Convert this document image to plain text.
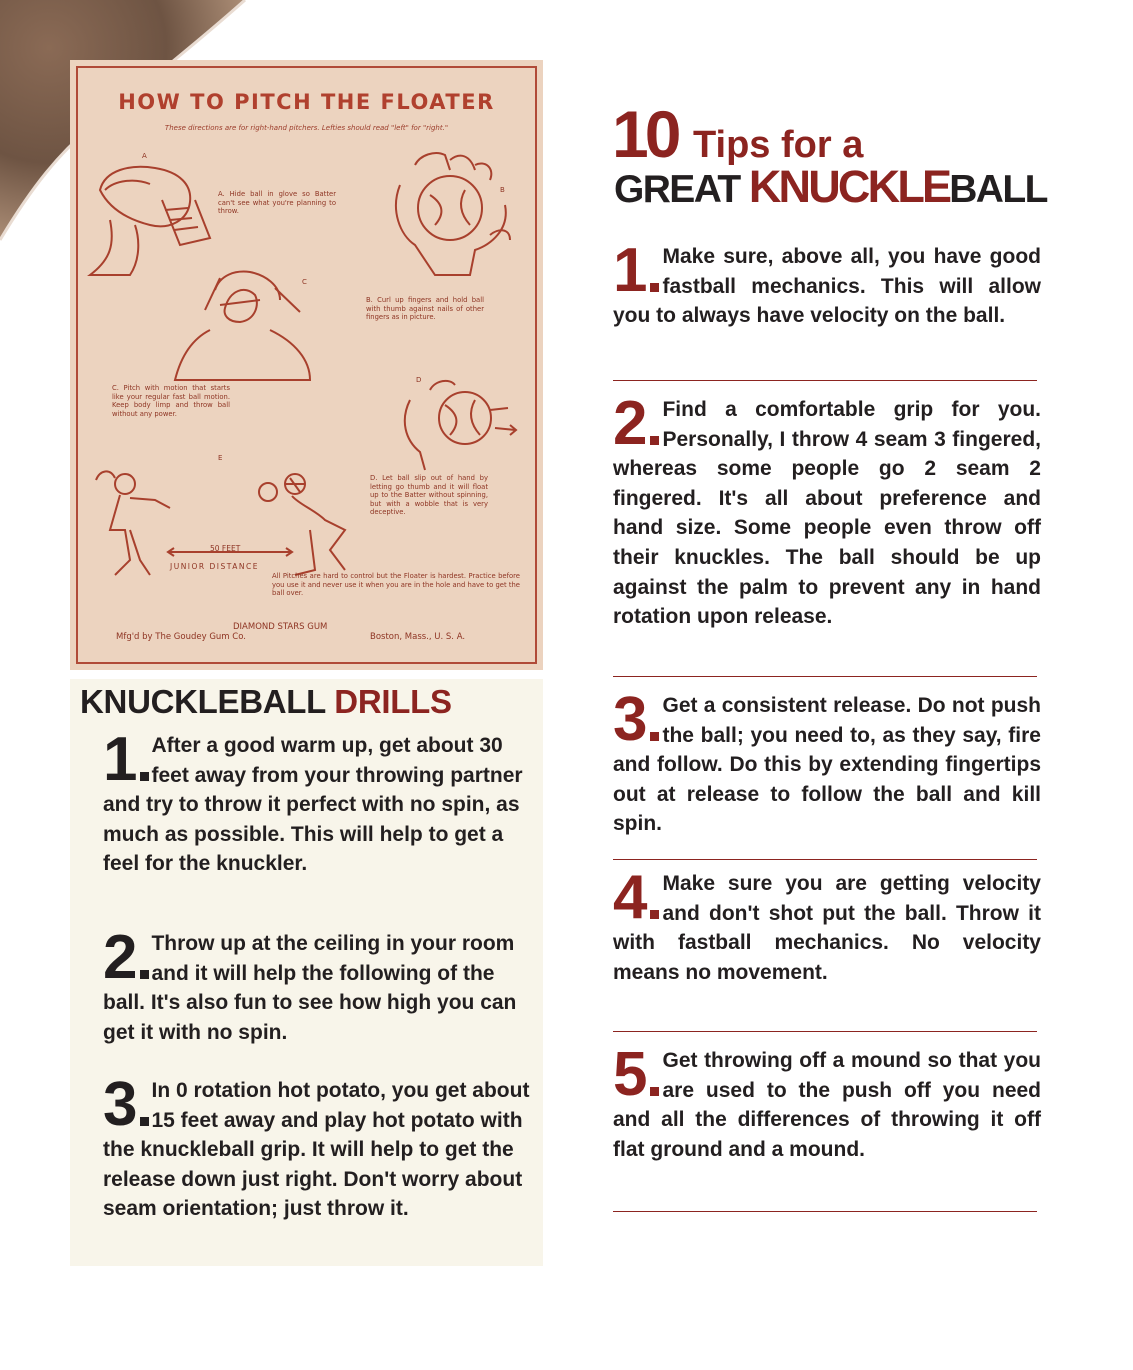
HOW TO PITCH THE FLOATER
These directions are for right-hand pitchers. Lefties should read "left" for "right."
A
B
C
D
E
A. Hide ball in glove so Batter can't see what you're planning to throw.
B. Curl up fingers and hold ball with thumb against nails of other fingers as in picture.
C. Pitch with motion that starts like your regular fast ball motion. Keep body limp and throw ball without any power.
D. Let ball slip out of hand by letting go thumb and it will float up to the Batter without spinning, but with a wobble that is very deceptive.
50 FEET
JUNIOR DISTANCE
All Pitches are hard to control but the Floater is hardest. Practice before you use it and never use it when you are in the hole and have to get the ball over.
DIAMOND STARS GUM
Mfg'd by The Goudey Gum Co.	Boston, Mass., U. S. A.
KNUCKLEBALL DRILLS
1 After a good warm up, get about 30 feet away from your throwing partner and try to throw it perfect with no spin, as much as possible. This will help to get a feel for the knuckler.
2 Throw up at the ceiling in your room and it will help the following of the ball. It's also fun to see how high you can get it with no spin.
3 In 0 rotation hot potato, you get about 15 feet away and play hot potato with the knuckleball grip. It will help to get the release down just right. Don't worry about seam orientation; just throw it.
10 Tips for a
GREAT KNUCKLEBALL
1 Make sure, above all, you have good fastball mechanics. This will allow you to always have velocity on the ball.
2 Find a comfortable grip for you. Personally, I throw 4 seam 3 fingered, whereas some people go 2 seam 2 fingered. It's all about preference and hand size. Some people even throw off their knuckles. The ball should be up against the palm to prevent any in hand rotation upon release.
3 Get a consistent release. Do not push the ball; you need to, as they say, fire and follow. Do this by extending fingertips out at release to follow the ball and kill spin.
4 Make sure you are getting velocity and don't shot put the ball. Throw it with fastball mechanics. No velocity means no movement.
5 Get throwing off a mound so that you are used to the push off you need and all the differences of throwing it off flat ground and a mound.
